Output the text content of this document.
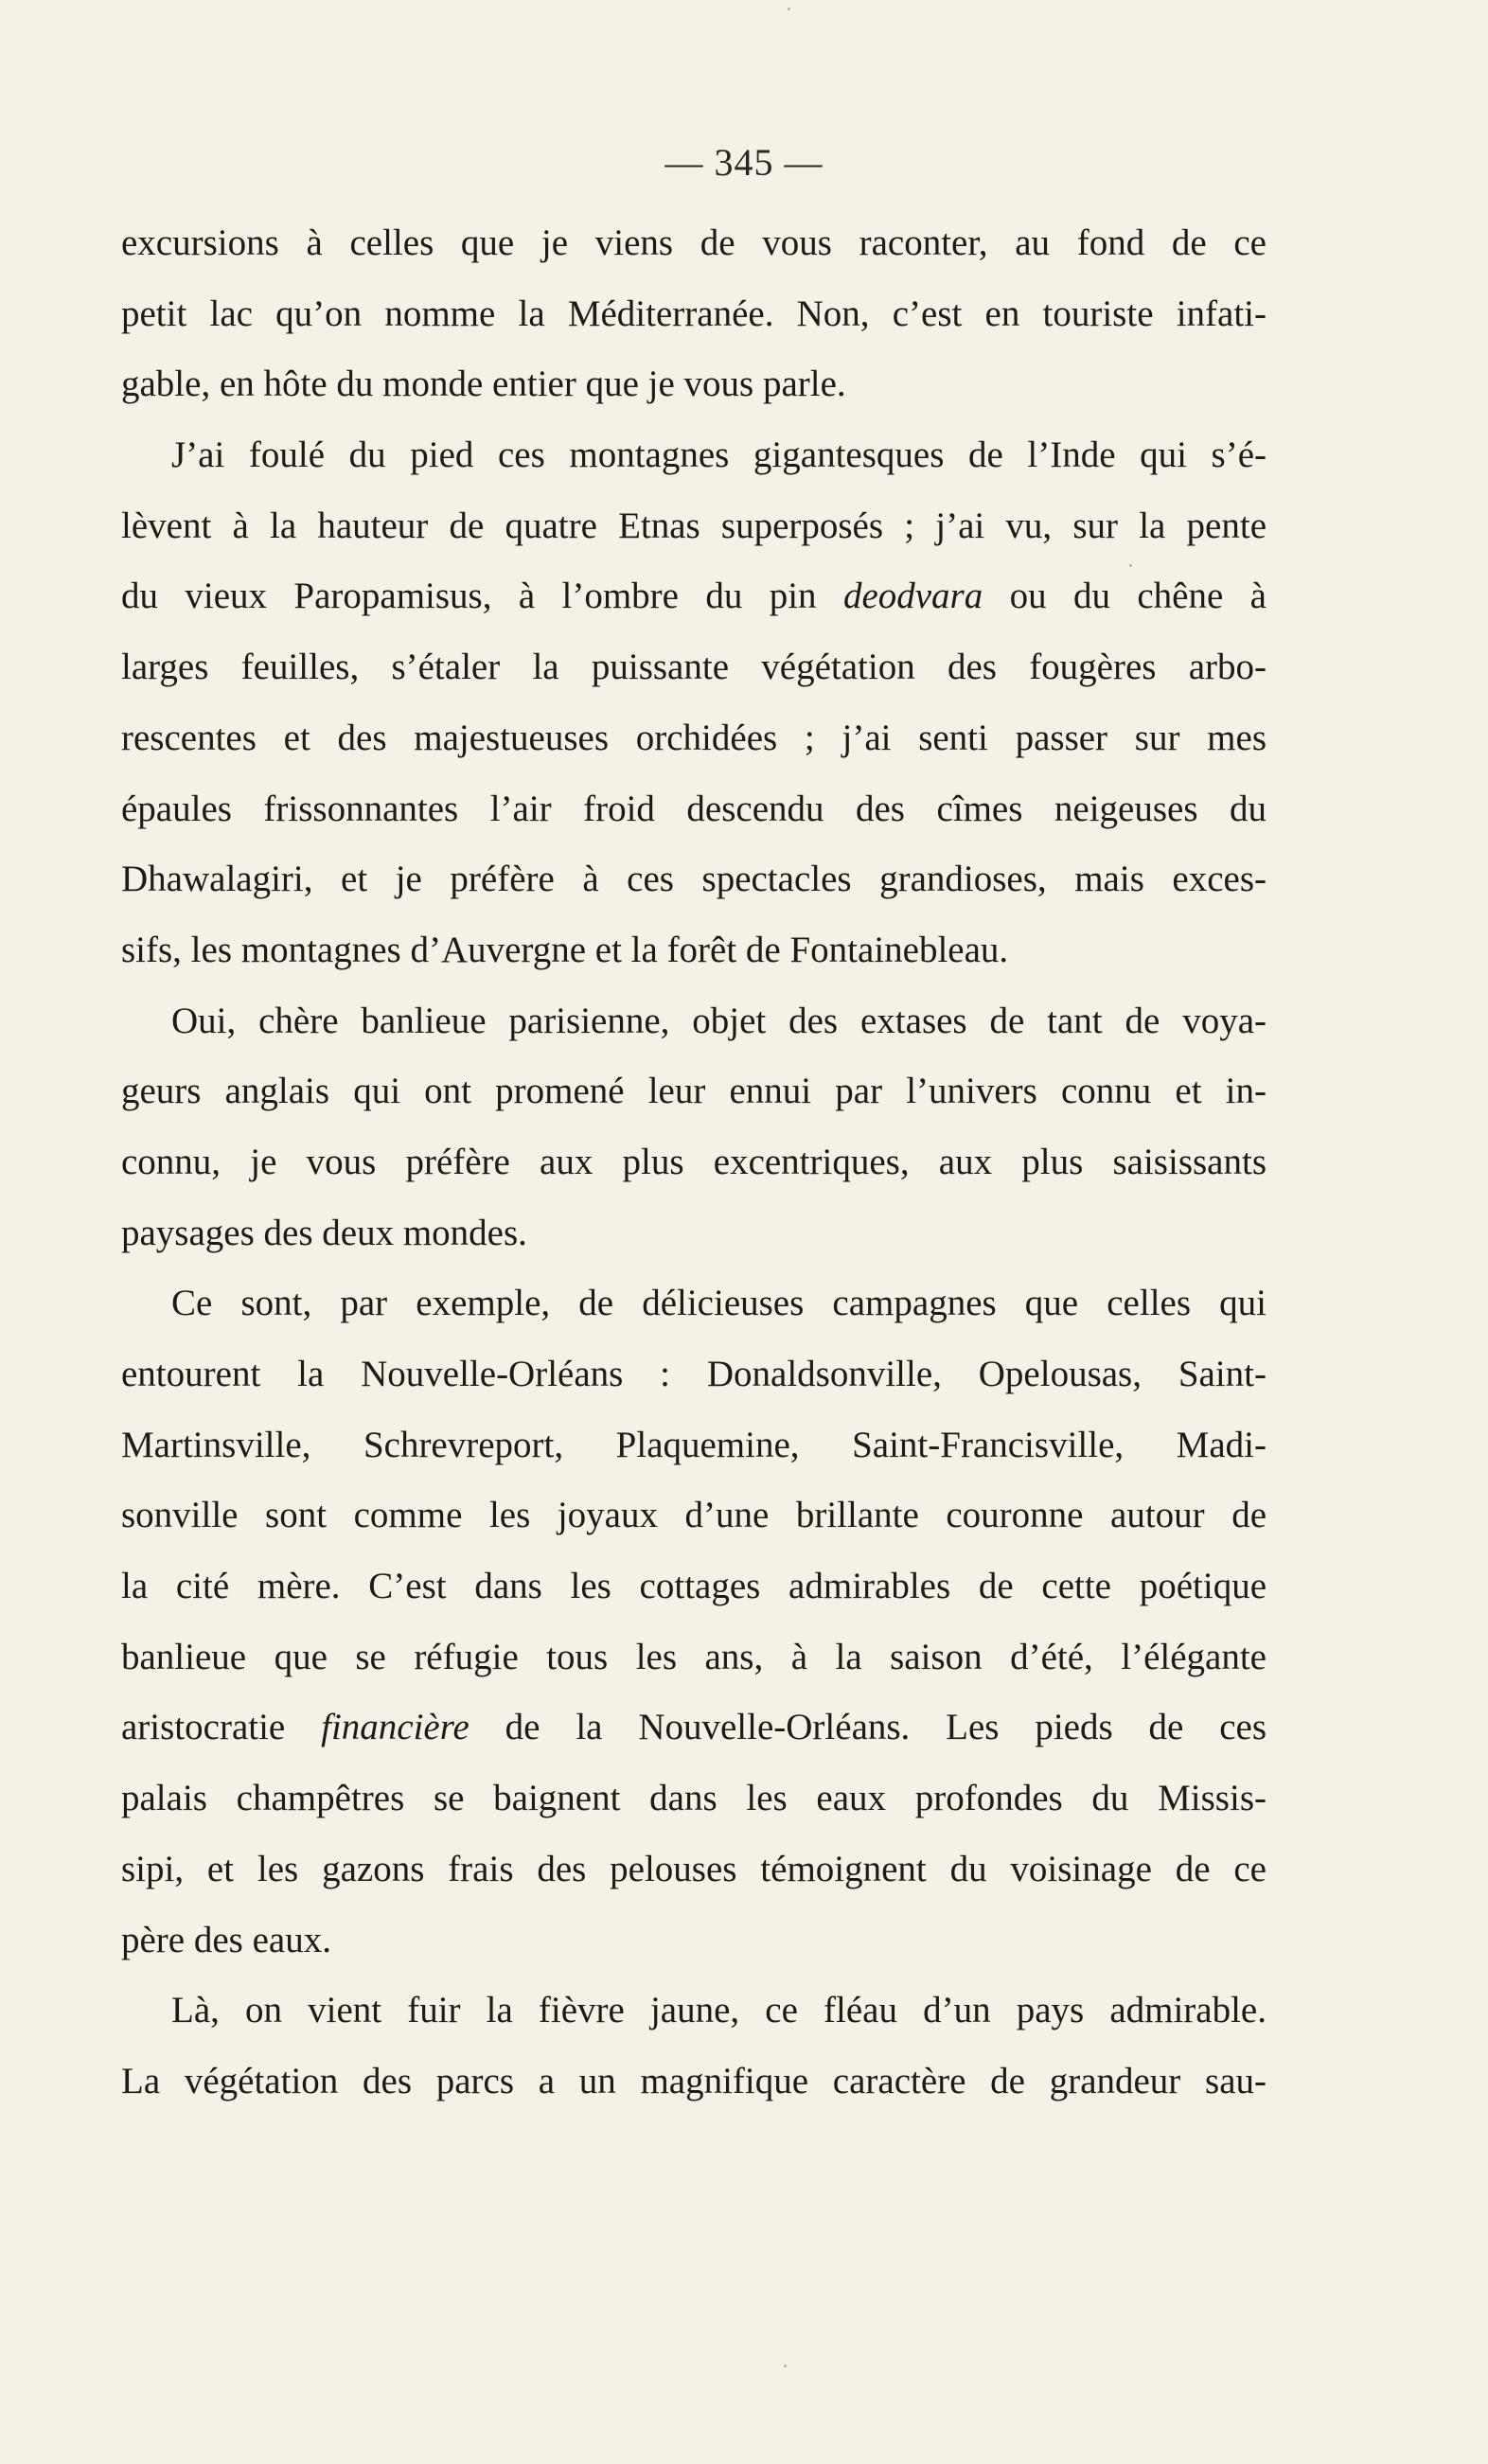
— 345 —
excursions à celles que je viens de vous raconter, au fond de ce
petit lac qu’on nomme la Méditerranée. Non, c’est en touriste infati-
gable, en hôte du monde entier que je vous parle.
J’ai foulé du pied ces montagnes gigantesques de l’Inde qui s’é-
lèvent à la hauteur de quatre Etnas superposés ; j’ai vu, sur la pente
du vieux Paropamisus, à l’ombre du pin deodvara ou du chêne à
larges feuilles, s’étaler la puissante végétation des fougères arbo-
rescentes et des majestueuses orchidées ; j’ai senti passer sur mes
épaules frissonnantes l’air froid descendu des cîmes neigeuses du
Dhawalagiri, et je préfère à ces spectacles grandioses, mais exces-
sifs, les montagnes d’Auvergne et la forêt de Fontainebleau.
Oui, chère banlieue parisienne, objet des extases de tant de voya-
geurs anglais qui ont promené leur ennui par l’univers connu et in-
connu, je vous préfère aux plus excentriques, aux plus saisissants
paysages des deux mondes.
Ce sont, par exemple, de délicieuses campagnes que celles qui
entourent la Nouvelle-Orléans : Donaldsonville, Opelousas, Saint-
Martinsville, Schrevreport, Plaquemine, Saint-Francisville, Madi-
sonville sont comme les joyaux d’une brillante couronne autour de
la cité mère. C’est dans les cottages admirables de cette poétique
banlieue que se réfugie tous les ans, à la saison d’été, l’élégante
aristocratie financière de la Nouvelle-Orléans. Les pieds de ces
palais champêtres se baignent dans les eaux profondes du Missis-
sipi, et les gazons frais des pelouses témoignent du voisinage de ce
père des eaux.
Là, on vient fuir la fièvre jaune, ce fléau d’un pays admirable.
La végétation des parcs a un magnifique caractère de grandeur sau-
